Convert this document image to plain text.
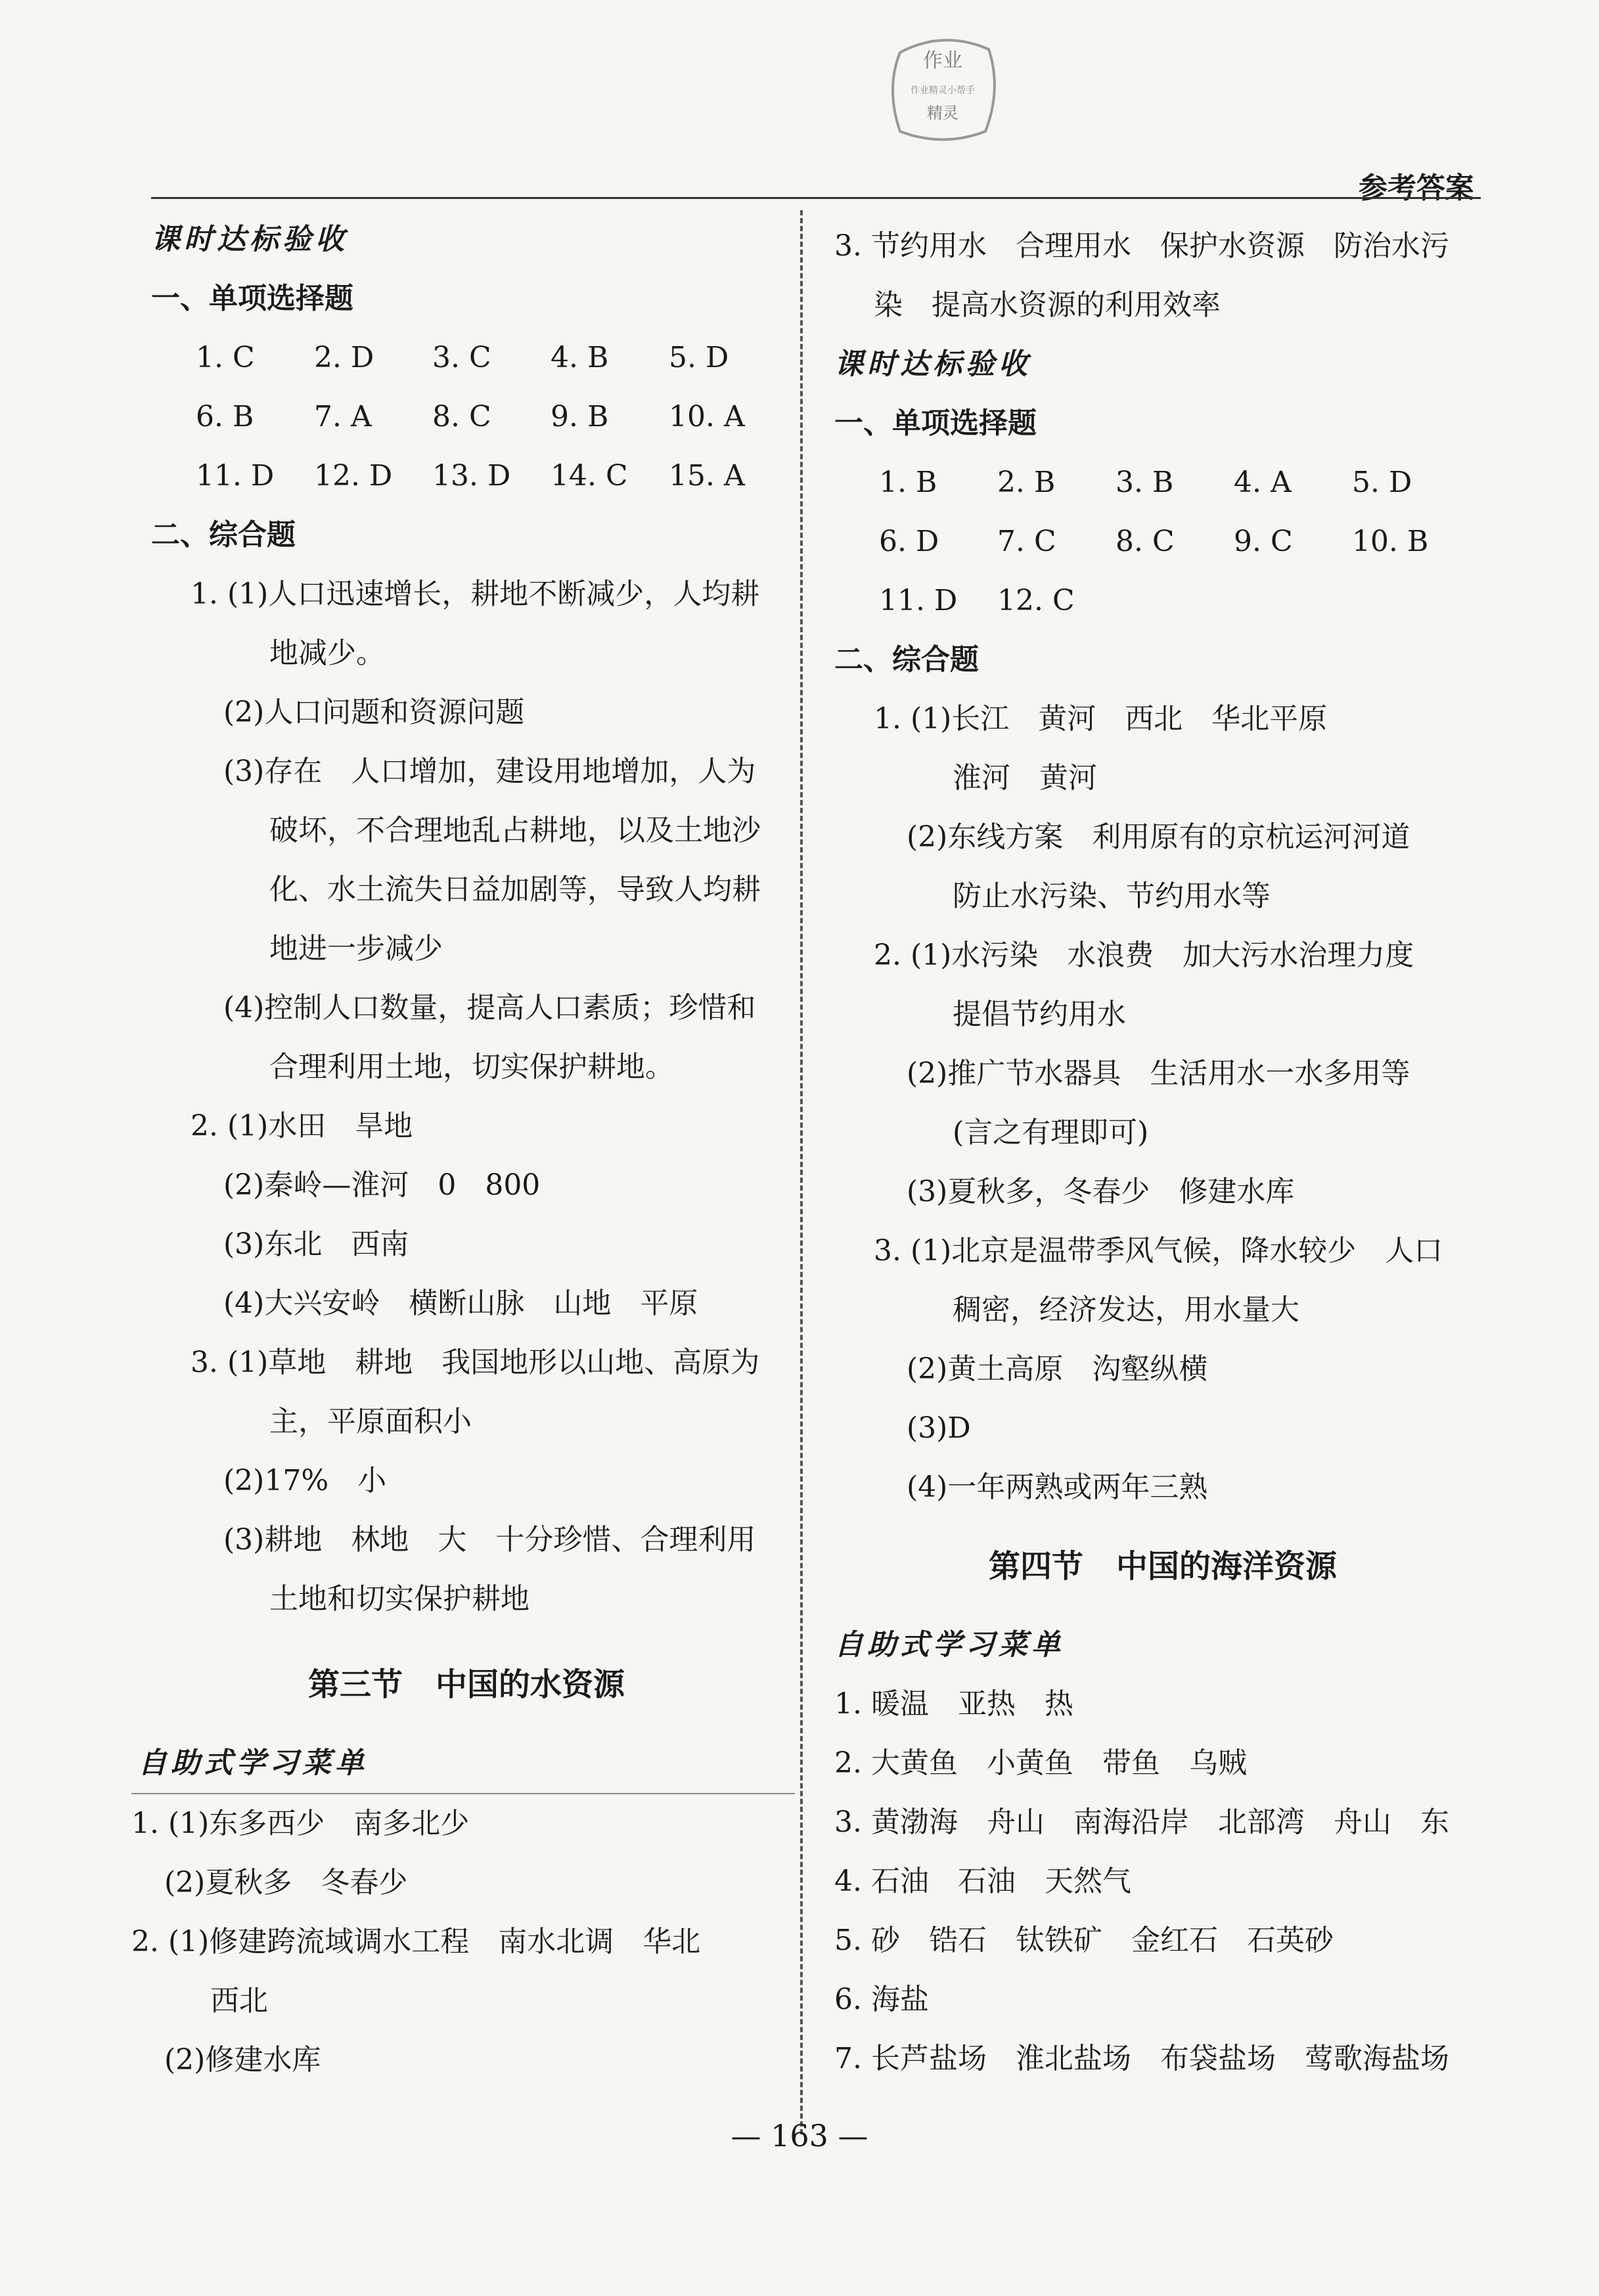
作业
作业精灵小帮手
精灵
参考答案
课时达标验收
一、单项选择题
1. C	2. D	3. C	4. B	5. D
6. B	7. A	8. C	9. B	10. A
11. D	12. D	13. D	14. C	15. A
二、综合题
1. (1)人口迅速增长，耕地不断减少，人均耕
地减少。
(2)人口问题和资源问题
(3)存在　人口增加，建设用地增加，人为
破坏，不合理地乱占耕地，以及土地沙
化、水土流失日益加剧等，导致人均耕
地进一步减少
(4)控制人口数量，提高人口素质；珍惜和
合理利用土地，切实保护耕地。
2. (1)水田　旱地
(2)秦岭—淮河　0　800
(3)东北　西南
(4)大兴安岭　横断山脉　山地　平原
3. (1)草地　耕地　我国地形以山地、高原为
主，平原面积小
(2)17%　小
(3)耕地　林地　大　十分珍惜、合理利用
土地和切实保护耕地
第三节 中国的水资源
自助式学习菜单
1. (1)东多西少　南多北少
(2)夏秋多　冬春少
2. (1)修建跨流域调水工程　南水北调　华北
西北
(2)修建水库
3. 节约用水　合理用水　保护水资源　防治水污
染　提高水资源的利用效率
课时达标验收
一、单项选择题
1. B	2. B	3. B	4. A	5. D
6. D	7. C	8. C	9. C	10. B
11. D	12. C
二、综合题
1. (1)长江　黄河　西北　华北平原
淮河　黄河
(2)东线方案　利用原有的京杭运河河道
防止水污染、节约用水等
2. (1)水污染　水浪费　加大污水治理力度
提倡节约用水
(2)推广节水器具　生活用水一水多用等
(言之有理即可)
(3)夏秋多，冬春少　修建水库
3. (1)北京是温带季风气候，降水较少　人口
稠密，经济发达，用水量大
(2)黄土高原　沟壑纵横
(3)D
(4)一年两熟或两年三熟
第四节 中国的海洋资源
自助式学习菜单
1. 暖温　亚热　热
2. 大黄鱼　小黄鱼　带鱼　乌贼
3. 黄渤海　舟山　南海沿岸　北部湾　舟山　东
4. 石油　石油　天然气
5. 砂　锆石　钛铁矿　金红石　石英砂
6. 海盐
7. 长芦盐场　淮北盐场　布袋盐场　莺歌海盐场
— 163 —
